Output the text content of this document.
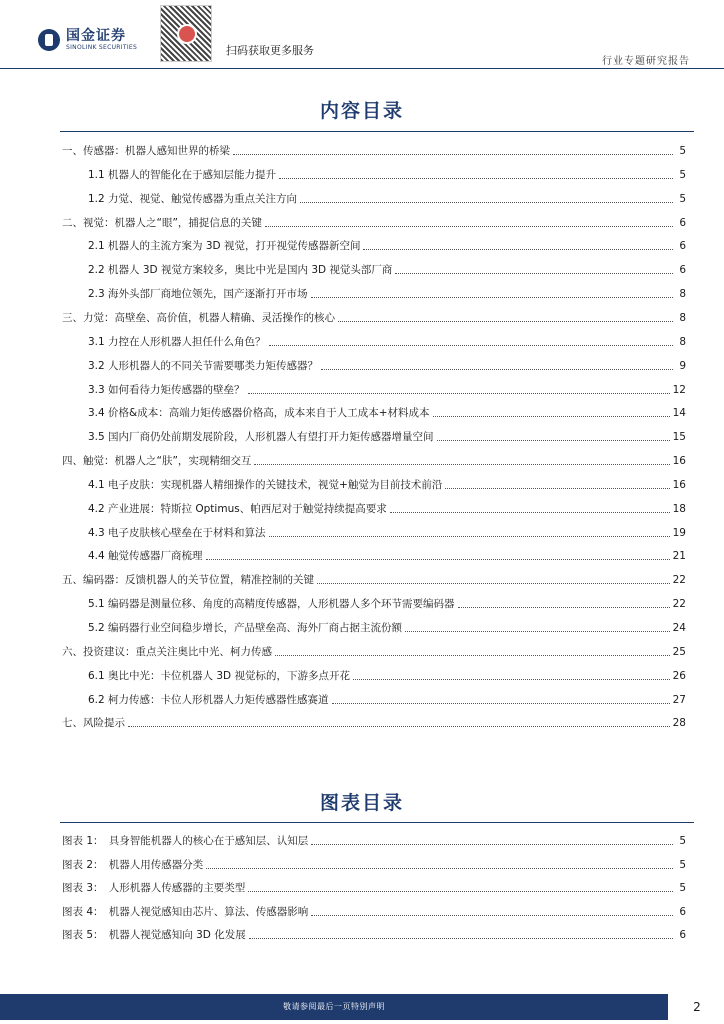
国金证券
SINOLINK SECURITIES	扫码获取更多服务
行业专题研究报告
内容目录
一、传感器：机器人感知世界的桥梁	5
1.1 机器人的智能化在于感知层能力提升	5
1.2 力觉、视觉、触觉传感器为重点关注方向	5
二、视觉：机器人之“眼”，捕捉信息的关键	6
2.1 机器人的主流方案为 3D 视觉，打开视觉传感器新空间	6
2.2 机器人 3D 视觉方案较多，奥比中光是国内 3D 视觉头部厂商	6
2.3 海外头部厂商地位领先，国产逐渐打开市场	8
三、力觉：高壁垒、高价值，机器人精确、灵活操作的核心	8
3.1 力控在人形机器人担任什么角色？	8
3.2 人形机器人的不同关节需要哪类力矩传感器？	9
3.3 如何看待力矩传感器的壁垒？	12
3.4 价格&成本：高端力矩传感器价格高，成本来自于人工成本+材料成本	14
3.5 国内厂商仍处前期发展阶段，人形机器人有望打开力矩传感器增量空间	15
四、触觉：机器人之“肤”，实现精细交互	16
4.1 电子皮肤：实现机器人精细操作的关键技术，视觉+触觉为目前技术前沿	16
4.2 产业进展：特斯拉 Optimus、帕西尼对于触觉持续提高要求	18
4.3 电子皮肤核心壁垒在于材料和算法	19
4.4 触觉传感器厂商梳理	21
五、编码器：反馈机器人的关节位置，精准控制的关键	22
5.1 编码器是测量位移、角度的高精度传感器，人形机器人多个环节需要编码器	22
5.2 编码器行业空间稳步增长，产品壁垒高、海外厂商占据主流份额	24
六、投资建议：重点关注奥比中光、柯力传感	25
6.1 奥比中光：卡位机器人 3D 视觉标的，下游多点开花	26
6.2 柯力传感：卡位人形机器人力矩传感器性感赛道	27
七、风险提示	28
图表目录
图表 1：　具身智能机器人的核心在于感知层、认知层	5
图表 2：　机器人用传感器分类	5
图表 3：　人形机器人传感器的主要类型	5
图表 4：　机器人视觉感知由芯片、算法、传感器影响	6
图表 5：　机器人视觉感知向 3D 化发展	6
敬请参阅最后一页特别声明	2
